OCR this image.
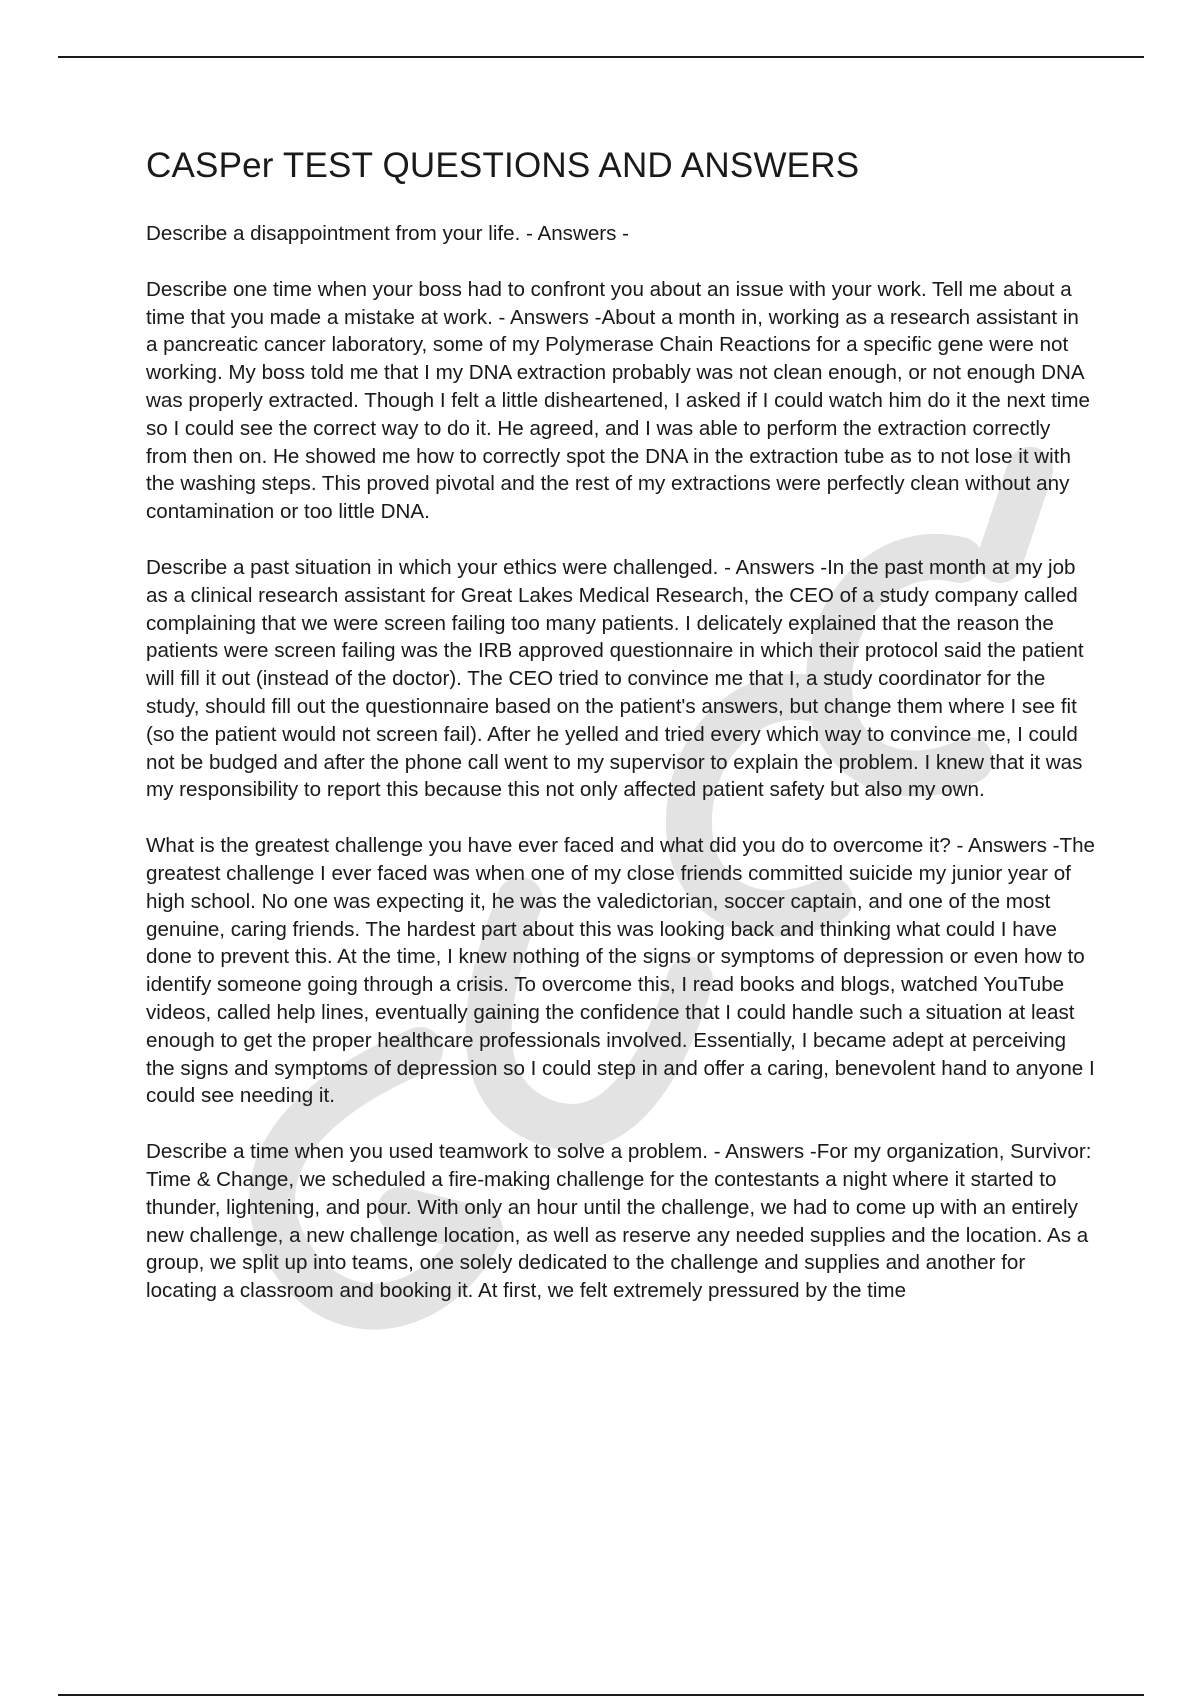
CASPer TEST QUESTIONS AND ANSWERS

Describe a disappointment from your life. - Answers -

Describe one time when your boss had to confront you about an issue with your work. Tell me about a time that you made a mistake at work. - Answers -About a month in, working as a research assistant in a pancreatic cancer laboratory, some of my Polymerase Chain Reactions for a specific gene were not working. My boss told me that I my DNA extraction probably was not clean enough, or not enough DNA was properly extracted. Though I felt a little disheartened, I asked if I could watch him do it the next time so I could see the correct way to do it. He agreed, and I was able to perform the extraction correctly from then on. He showed me how to correctly spot the DNA in the extraction tube as to not lose it with the washing steps. This proved pivotal and the rest of my extractions were perfectly clean without any contamination or too little DNA.

Describe a past situation in which your ethics were challenged. - Answers -In the past month at my job as a clinical research assistant for Great Lakes Medical Research, the CEO of a study company called complaining that we were screen failing too many patients. I delicately explained that the reason the patients were screen failing was the IRB approved questionnaire in which their protocol said the patient will fill it out (instead of the doctor). The CEO tried to convince me that I, a study coordinator for the study, should fill out the questionnaire based on the patient's answers, but change them where I see fit (so the patient would not screen fail). After he yelled and tried every which way to convince me, I could not be budged and after the phone call went to my supervisor to explain the problem. I knew that it was my responsibility to report this because this not only affected patient safety but also my own.

What is the greatest challenge you have ever faced and what did you do to overcome it? - Answers -The greatest challenge I ever faced was when one of my close friends committed suicide my junior year of high school. No one was expecting it, he was the valedictorian, soccer captain, and one of the most genuine, caring friends. The hardest part about this was looking back and thinking what could I have done to prevent this. At the time, I knew nothing of the signs or symptoms of depression or even how to identify someone going through a crisis. To overcome this, I read books and blogs, watched YouTube videos, called help lines, eventually gaining the confidence that I could handle such a situation at least enough to get the proper healthcare professionals involved. Essentially, I became adept at perceiving the signs and symptoms of depression so I could step in and offer a caring, benevolent hand to anyone I could see needing it.

Describe a time when you used teamwork to solve a problem. - Answers -For my organization, Survivor: Time & Change, we scheduled a fire-making challenge for the contestants a night where it started to thunder, lightening, and pour. With only an hour until the challenge, we had to come up with an entirely new challenge, a new challenge location, as well as reserve any needed supplies and the location. As a group, we split up into teams, one solely dedicated to the challenge and supplies and another for locating a classroom and booking it. At first, we felt extremely pressured by the time
